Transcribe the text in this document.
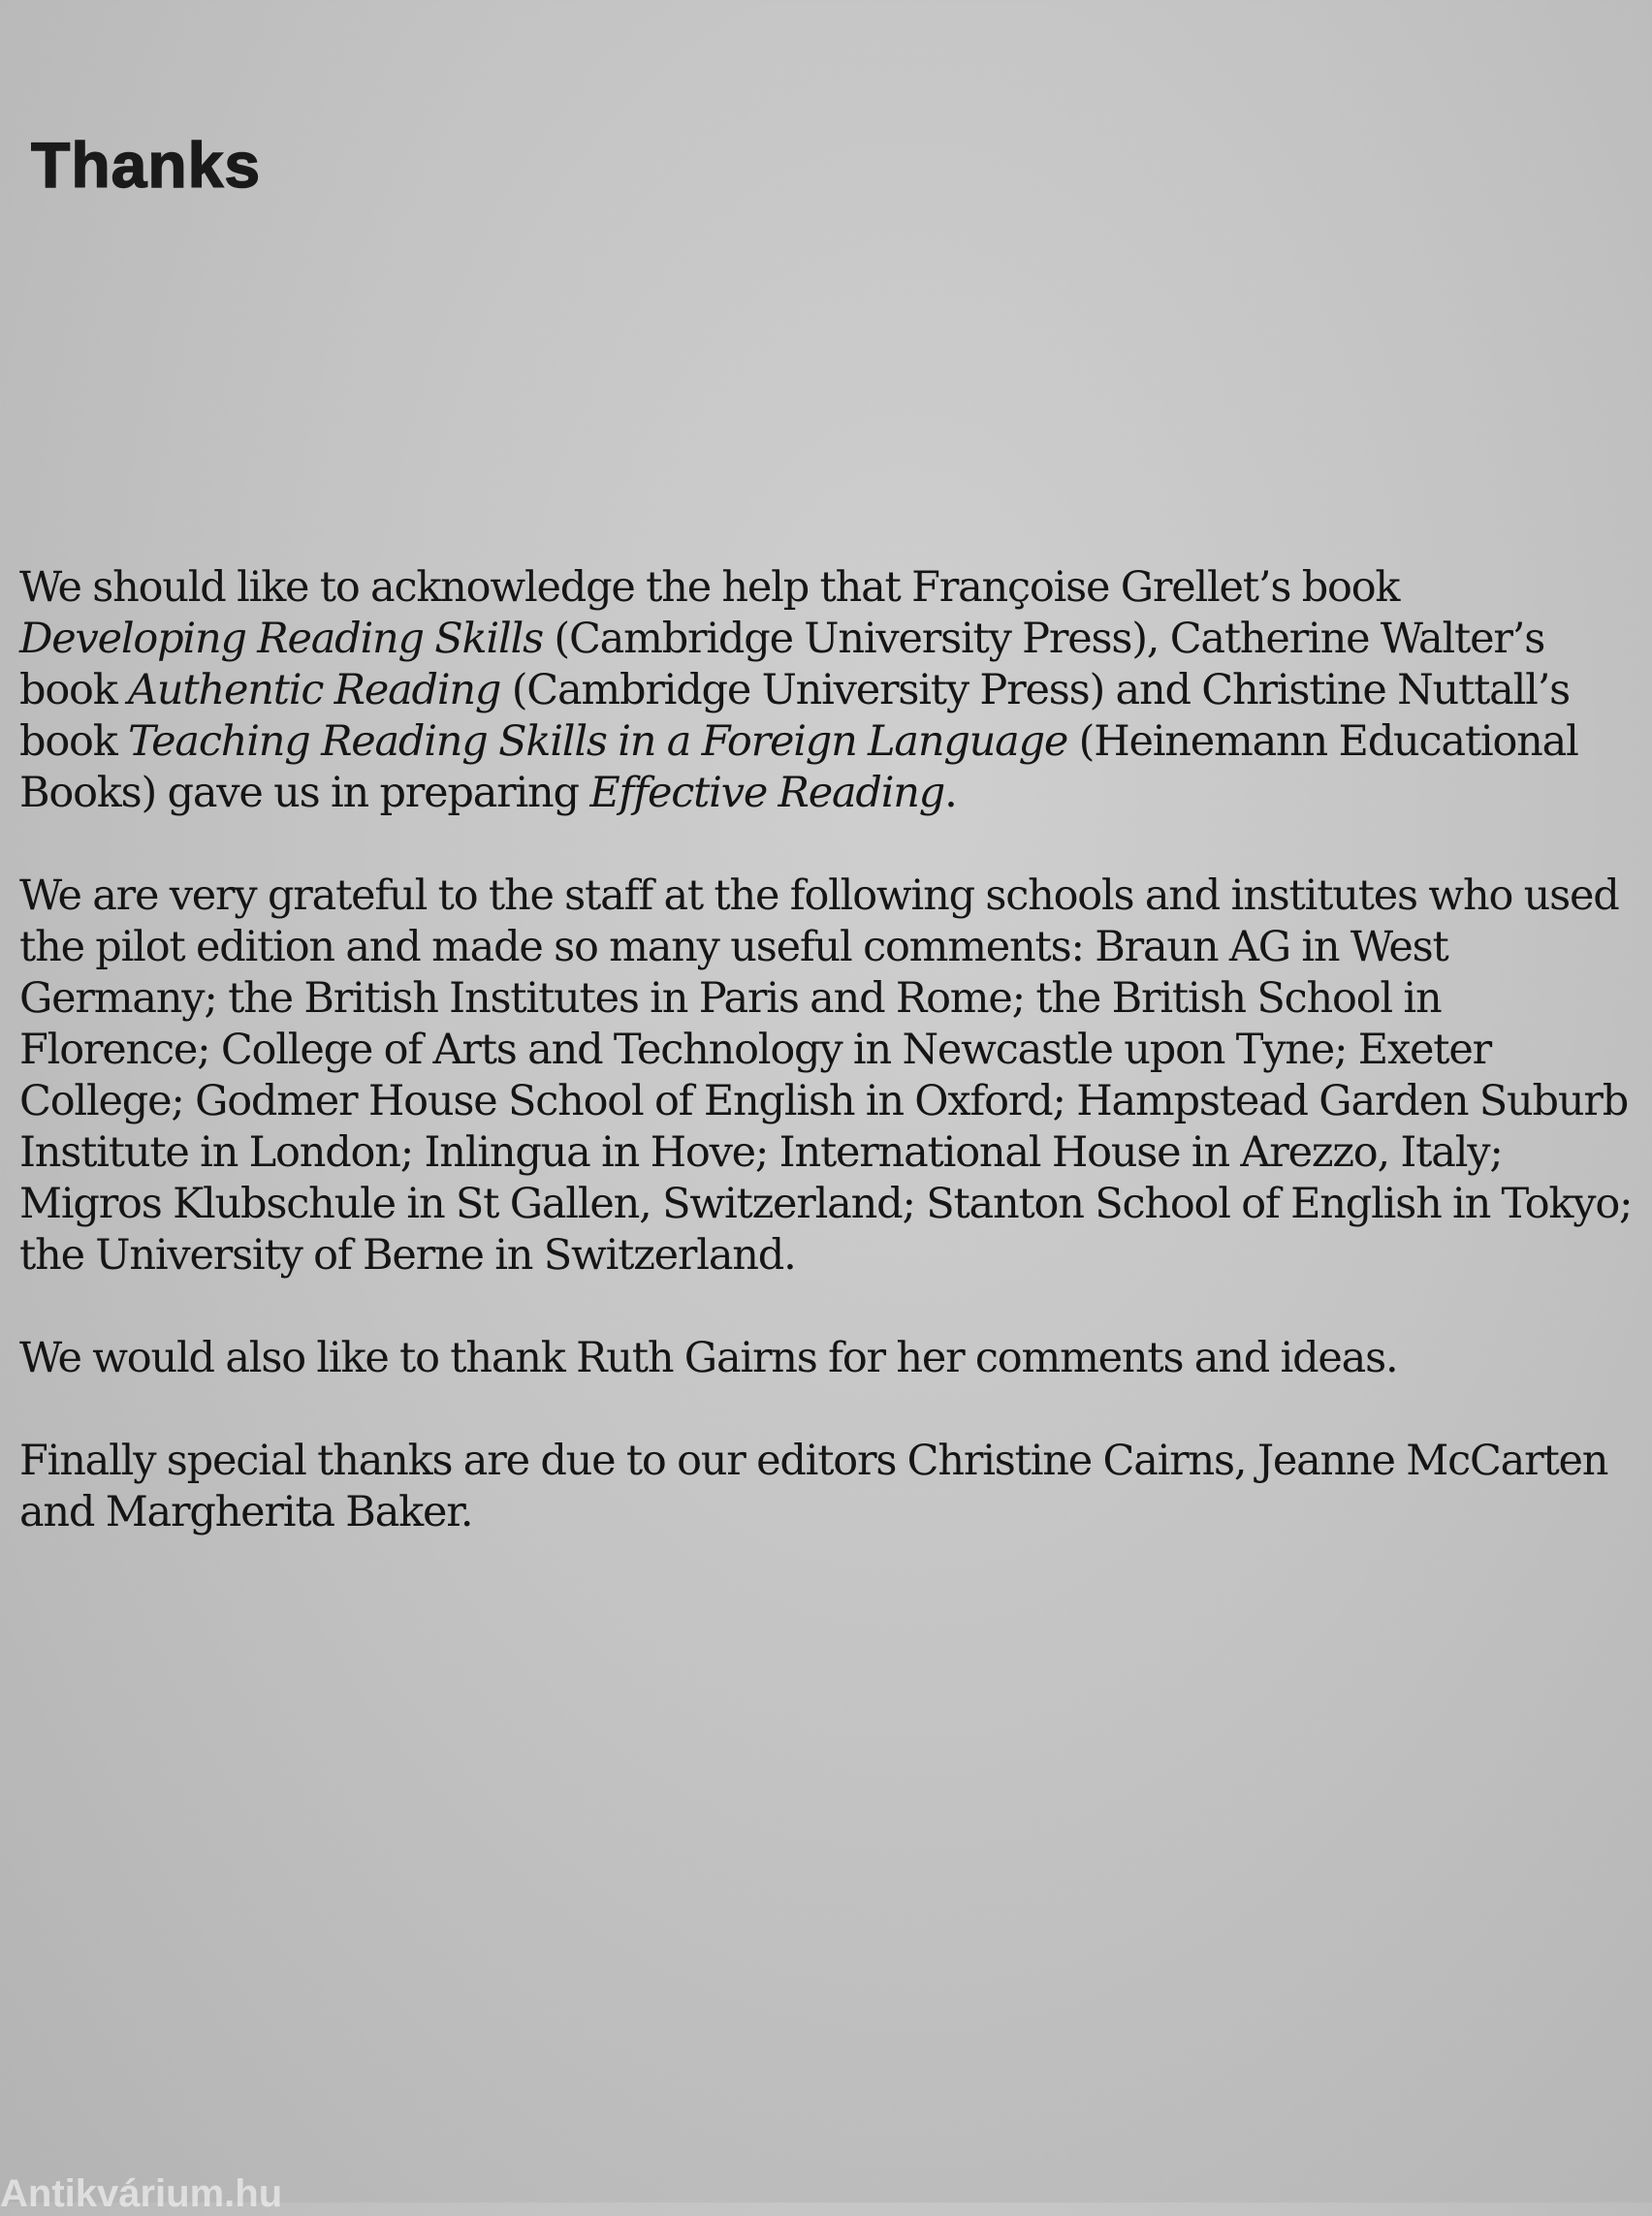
Thanks

We should like to acknowledge the help that Françoise Grellet’s book Developing Reading Skills (Cambridge University Press), Catherine Walter’s book Authentic Reading (Cambridge University Press) and Christine Nuttall’s book Teaching Reading Skills in a Foreign Language (Heinemann Educational Books) gave us in preparing Effective Reading.

We are very grateful to the staff at the following schools and institutes who used the pilot edition and made so many useful comments: Braun AG in West Germany; the British Institutes in Paris and Rome; the British School in Florence; College of Arts and Technology in Newcastle upon Tyne; Exeter College; Godmer House School of English in Oxford; Hampstead Garden Suburb Institute in London; Inlingua in Hove; International House in Arezzo, Italy; Migros Klubschule in St Gallen, Switzerland; Stanton School of English in Tokyo; the University of Berne in Switzerland.

We would also like to thank Ruth Gairns for her comments and ideas.

Finally special thanks are due to our editors Christine Cairns, Jeanne McCarten and Margherita Baker.

Antikvárium.hu
